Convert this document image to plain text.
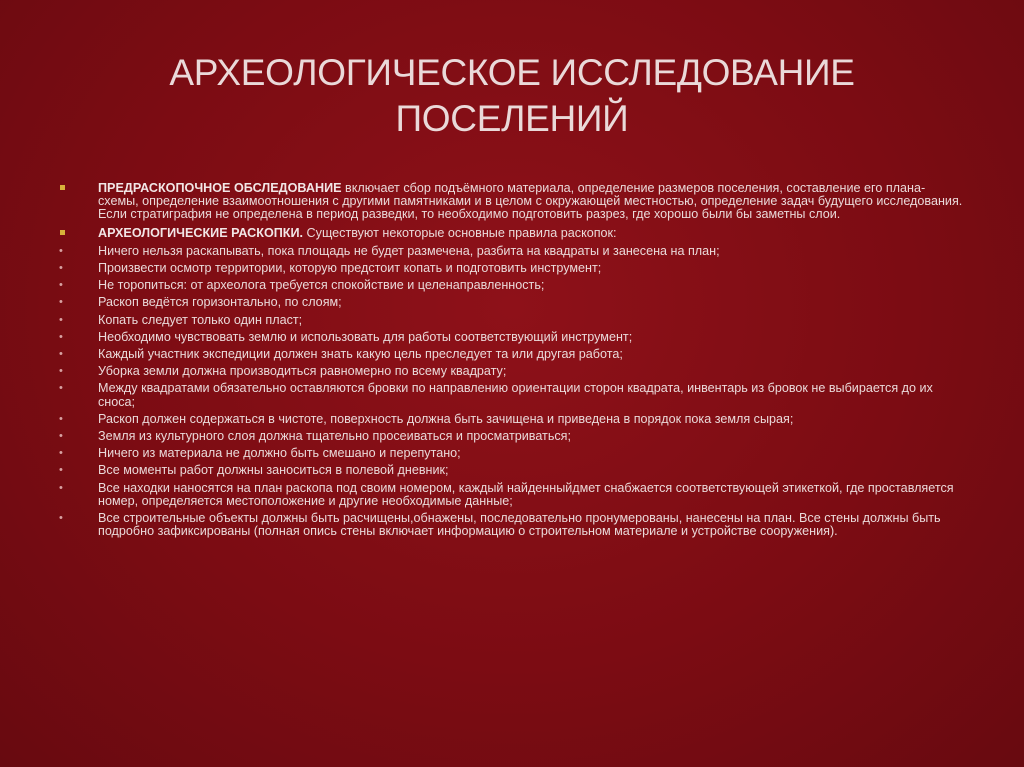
АРХЕОЛОГИЧЕСКОЕ ИССЛЕДОВАНИЕ
ПОСЕЛЕНИЙ
ПРЕДРАСКОПОЧНОЕ ОБСЛЕДОВАНИЕ включает сбор подъёмного материала, определение размеров поселения, составление его плана- схемы, определение взаимоотношения с другими памятниками и в целом с окружающей местностью, определение задач будущего исследования. Если стратиграфия не определена в период разведки, то необходимо подготовить разрез, где хорошо были бы заметны слои.
АРХЕОЛОГИЧЕСКИЕ РАСКОПКИ. Существуют некоторые основные правила раскопок:
•	Ничего нельзя раскапывать, пока площадь не будет размечена, разбита на квадраты и занесена на план;
•	Произвести осмотр территории, которую предстоит копать и подготовить инструмент;
•	Не торопиться: от археолога требуется спокойствие и целенаправленность;
•	Раскоп ведётся горизонтально, по слоям;
•	Копать следует только один пласт;
•	Необходимо чувствовать землю и использовать для работы соответствующий инструмент;
•	Каждый участник экспедиции должен знать какую цель преследует та или другая работа;
•	Уборка земли должна производиться равномерно по всему квадрату;
•	Между квадратами обязательно оставляются бровки по направлению ориентации сторон квадрата, инвентарь из бровок не выбирается до их сноса;
•	Раскоп должен содержаться в чистоте, поверхность должна быть зачищена и приведена в порядок пока земля сырая;
•	Земля из культурного слоя должна тщательно просеиваться и просматриваться;
•	Ничего из материала не должно быть смешано и перепутано;
•	Все моменты работ должны заноситься в полевой дневник;
•	Все находки наносятся на план раскопа под своим номером, каждый найденныйдмет снабжается соответствующей этикеткой, где проставляется номер, определяется местоположение и другие необходимые данные;
•	Все строительные объекты должны быть расчищены,обнажены, последовательно пронумерованы, нанесены на план. Все стены должны быть подробно зафиксированы (полная опись стены включает информацию о строительном материале и устройстве сооружения).
